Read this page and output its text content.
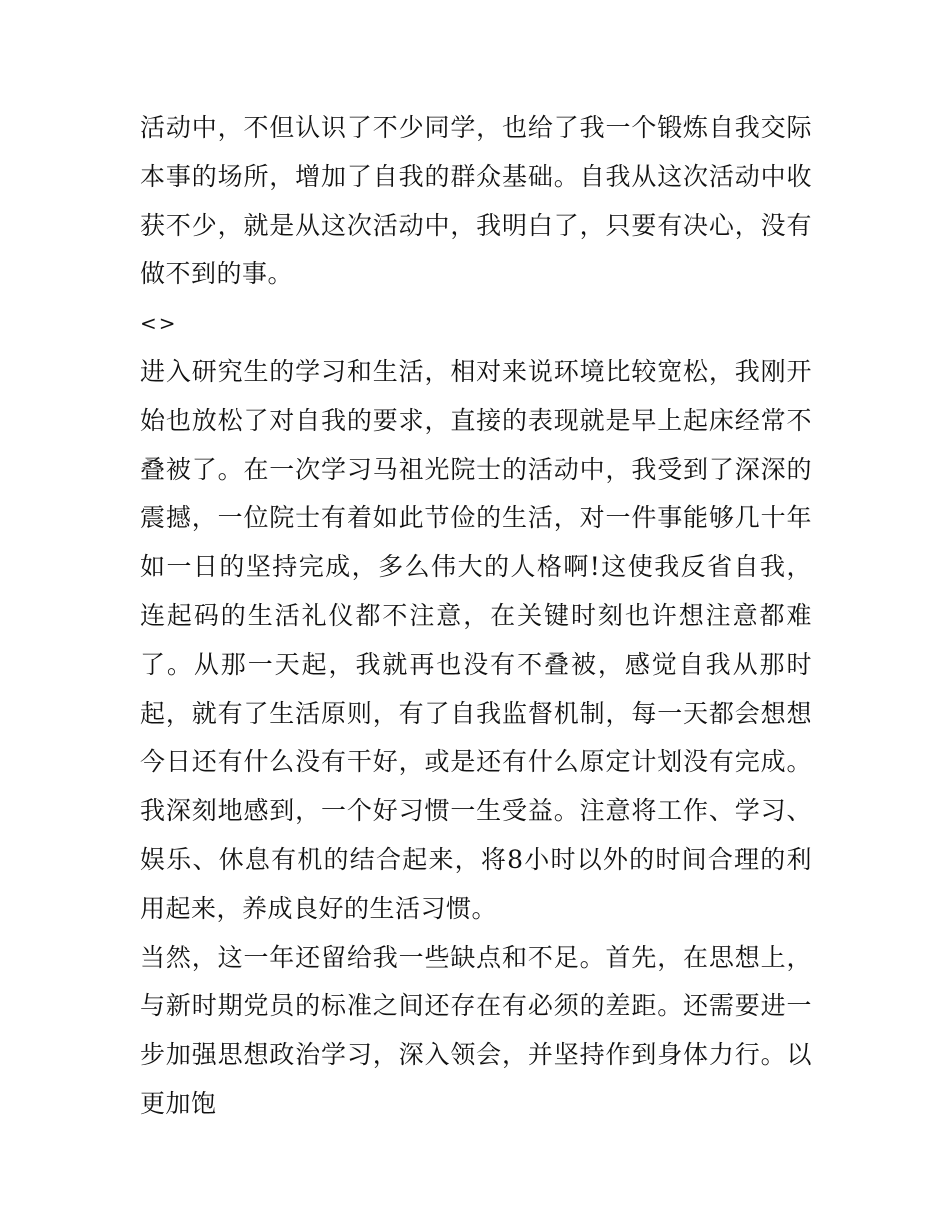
活动中，不但认识了不少同学，也给了我一个锻炼自我交际本事的场所，增加了自我的群众基础。自我从这次活动中收获不少，就是从这次活动中，我明白了，只要有决心，没有做不到的事。

<>

进入研究生的学习和生活，相对来说环境比较宽松，我刚开始也放松了对自我的要求，直接的表现就是早上起床经常不叠被了。在一次学习马祖光院士的活动中，我受到了深深的震撼，一位院士有着如此节俭的生活，对一件事能够几十年如一日的坚持完成，多么伟大的人格啊!这使我反省自我，连起码的生活礼仪都不注意，在关键时刻也许想注意都难了。从那一天起，我就再也没有不叠被，感觉自我从那时起，就有了生活原则，有了自我监督机制，每一天都会想想今日还有什么没有干好，或是还有什么原定计划没有完成。我深刻地感到，一个好习惯一生受益。注意将工作、学习、娱乐、休息有机的结合起来，将8小时以外的时间合理的利用起来，养成良好的生活习惯。

当然，这一年还留给我一些缺点和不足。首先，在思想上，与新时期党员的标准之间还存在有必须的差距。还需要进一步加强思想政治学习，深入领会，并坚持作到身体力行。以更加饱
